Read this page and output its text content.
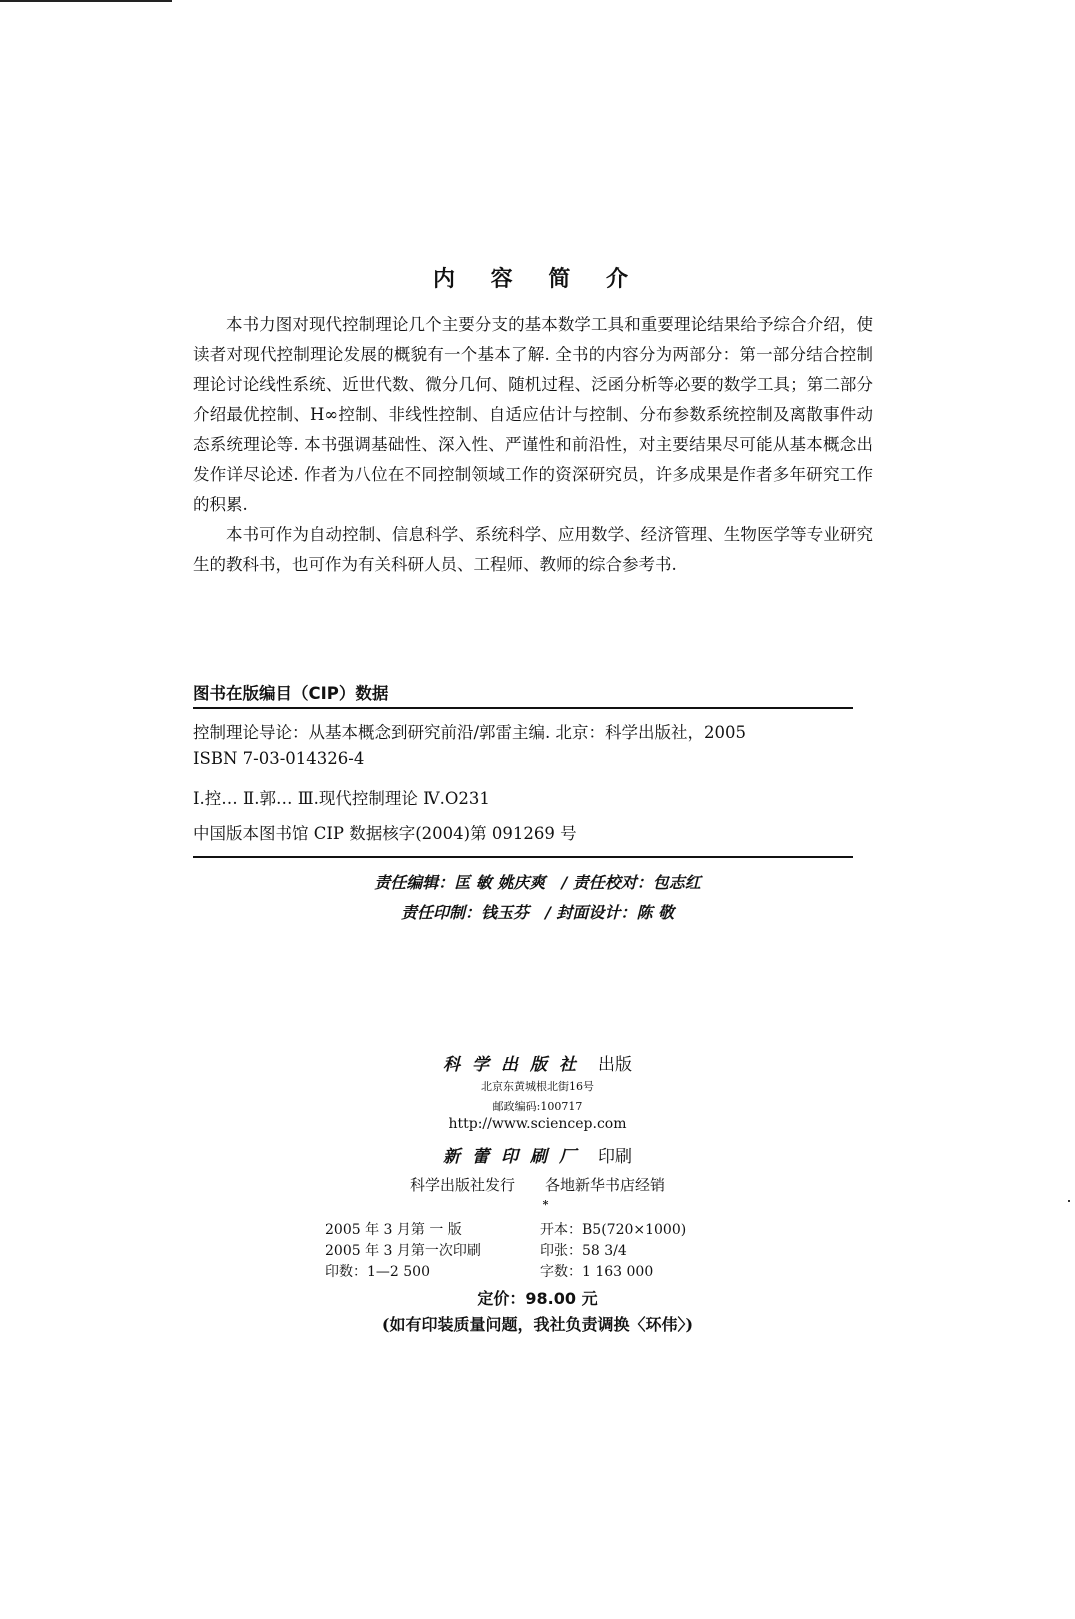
内 容 简 介

本书力图对现代控制理论几个主要分支的基本数学工具和重要理论结果给予综合介绍，使读者对现代控制理论发展的概貌有一个基本了解. 全书的内容分为两部分：第一部分结合控制理论讨论线性系统、近世代数、微分几何、随机过程、泛函分析等必要的数学工具；第二部分介绍最优控制、H∞控制、非线性控制、自适应估计与控制、分布参数系统控制及离散事件动态系统理论等. 本书强调基础性、深入性、严谨性和前沿性，对主要结果尽可能从基本概念出发作详尽论述. 作者为八位在不同控制领域工作的资深研究员，许多成果是作者多年研究工作的积累.

本书可作为自动控制、信息科学、系统科学、应用数学、经济管理、生物医学等专业研究生的教科书，也可作为有关科研人员、工程师、教师的综合参考书.

图书在版编目（CIP）数据
控制理论导论：从基本概念到研究前沿/郭雷主编. 北京：科学出版社，2005
ISBN 7-03-014326-4
Ⅰ.控… Ⅱ.郭… Ⅲ.现代控制理论 Ⅳ.O231
中国版本图书馆 CIP 数据核字(2004)第 091269 号
责任编辑：匡 敏 姚庆爽 / 责任校对：包志红
责任印制：钱玉芬 / 封面设计：陈 敬
科学出版社 出版
北京东黄城根北街16号
邮政编码:100717
http://www.sciencep.com
新蕾印刷厂 印刷
科学出版社发行 各地新华书店经销
*
2005 年 3 月第 一 版	开本：B5(720×1000)
2005 年 3 月第一次印刷	印张：58 3/4
印数：1—2 500	字数：1 163 000
定价：98.00 元
(如有印装质量问题，我社负责调换〈环伟〉)
